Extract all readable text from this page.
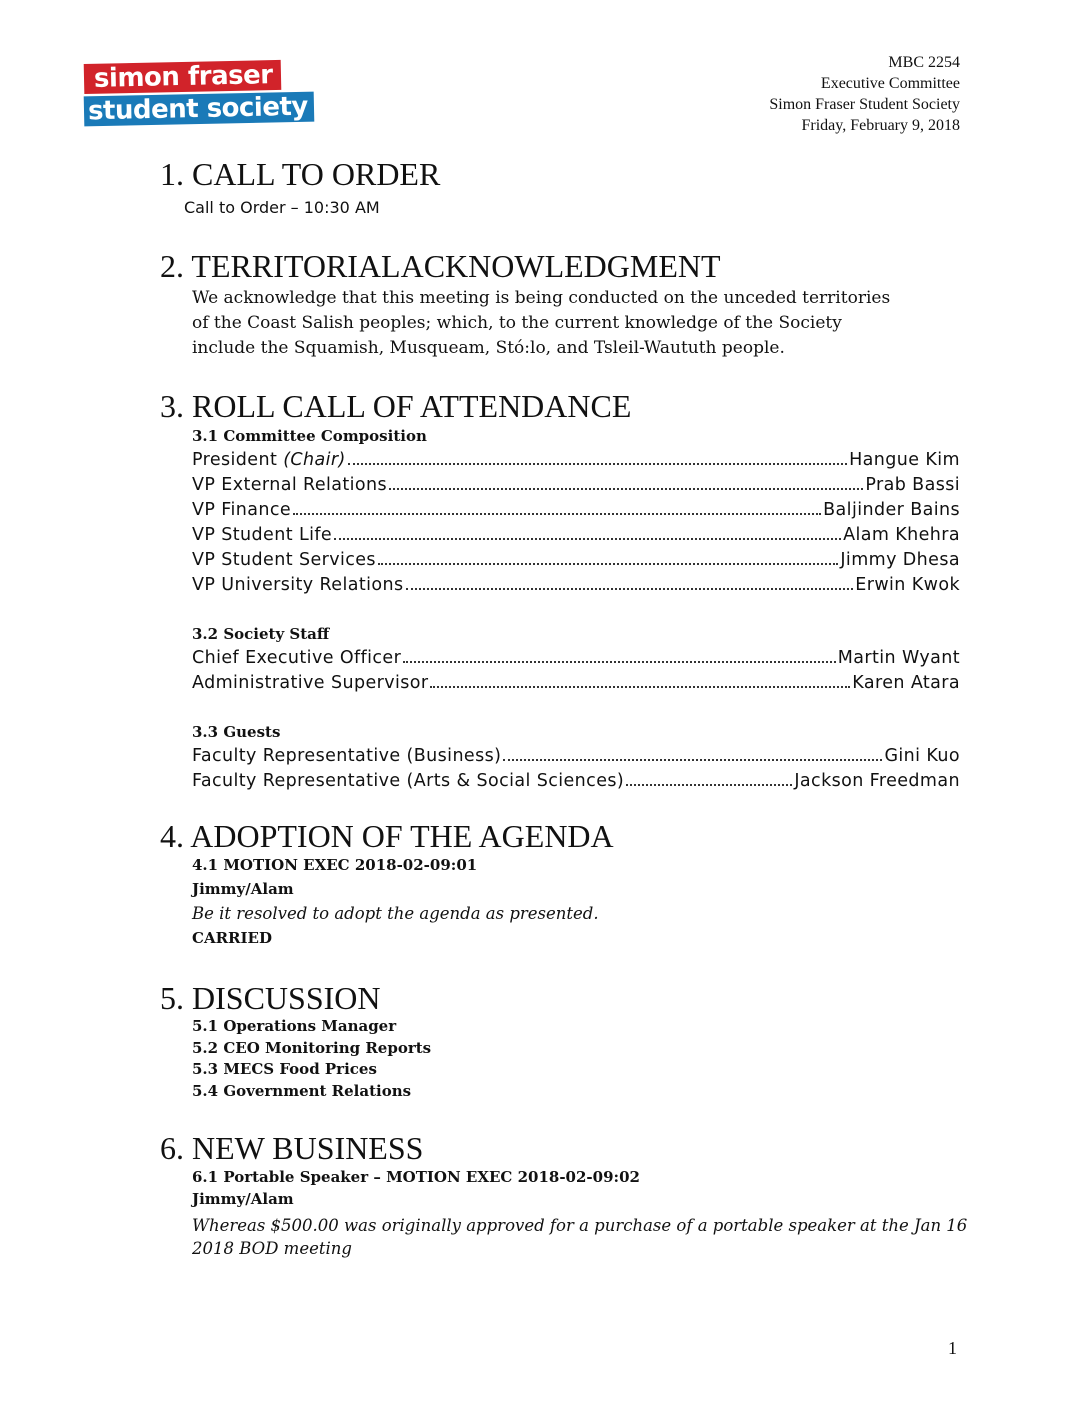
simon fraser
student society
MBC 2254
Executive Committee
Simon Fraser Student Society
Friday, February 9, 2018
1. CALL TO ORDER
Call to Order – 10:30 AM
2. TERRITORIALACKNOWLEDGMENT
We acknowledge that this meeting is being conducted on the unceded territories
of the Coast Salish peoples; which, to the current knowledge of the Society
include the Squamish, Musqueam, Stó:lo, and Tsleil-Waututh people.
3. ROLL CALL OF ATTENDANCE
3.1 Committee Composition
President (Chair)	Hangue Kim
VP External Relations	Prab Bassi
VP Finance	Baljinder Bains
VP Student Life	Alam Khehra
VP Student Services	Jimmy Dhesa
VP University Relations	Erwin Kwok
3.2 Society Staff
Chief Executive Officer	Martin Wyant
Administrative Supervisor	Karen Atara
3.3 Guests
Faculty Representative (Business)	Gini Kuo
Faculty Representative (Arts & Social Sciences)	Jackson Freedman
4. ADOPTION OF THE AGENDA
4.1 MOTION EXEC 2018-02-09:01
Jimmy/Alam
Be it resolved to adopt the agenda as presented.
CARRIED
5. DISCUSSION
5.1 Operations Manager
5.2 CEO Monitoring Reports
5.3 MECS Food Prices
5.4 Government Relations
6. NEW BUSINESS
6.1 Portable Speaker – MOTION EXEC 2018-02-09:02
Jimmy/Alam
Whereas $500.00 was originally approved for a purchase of a portable speaker at the Jan 16
2018 BOD meeting
1
